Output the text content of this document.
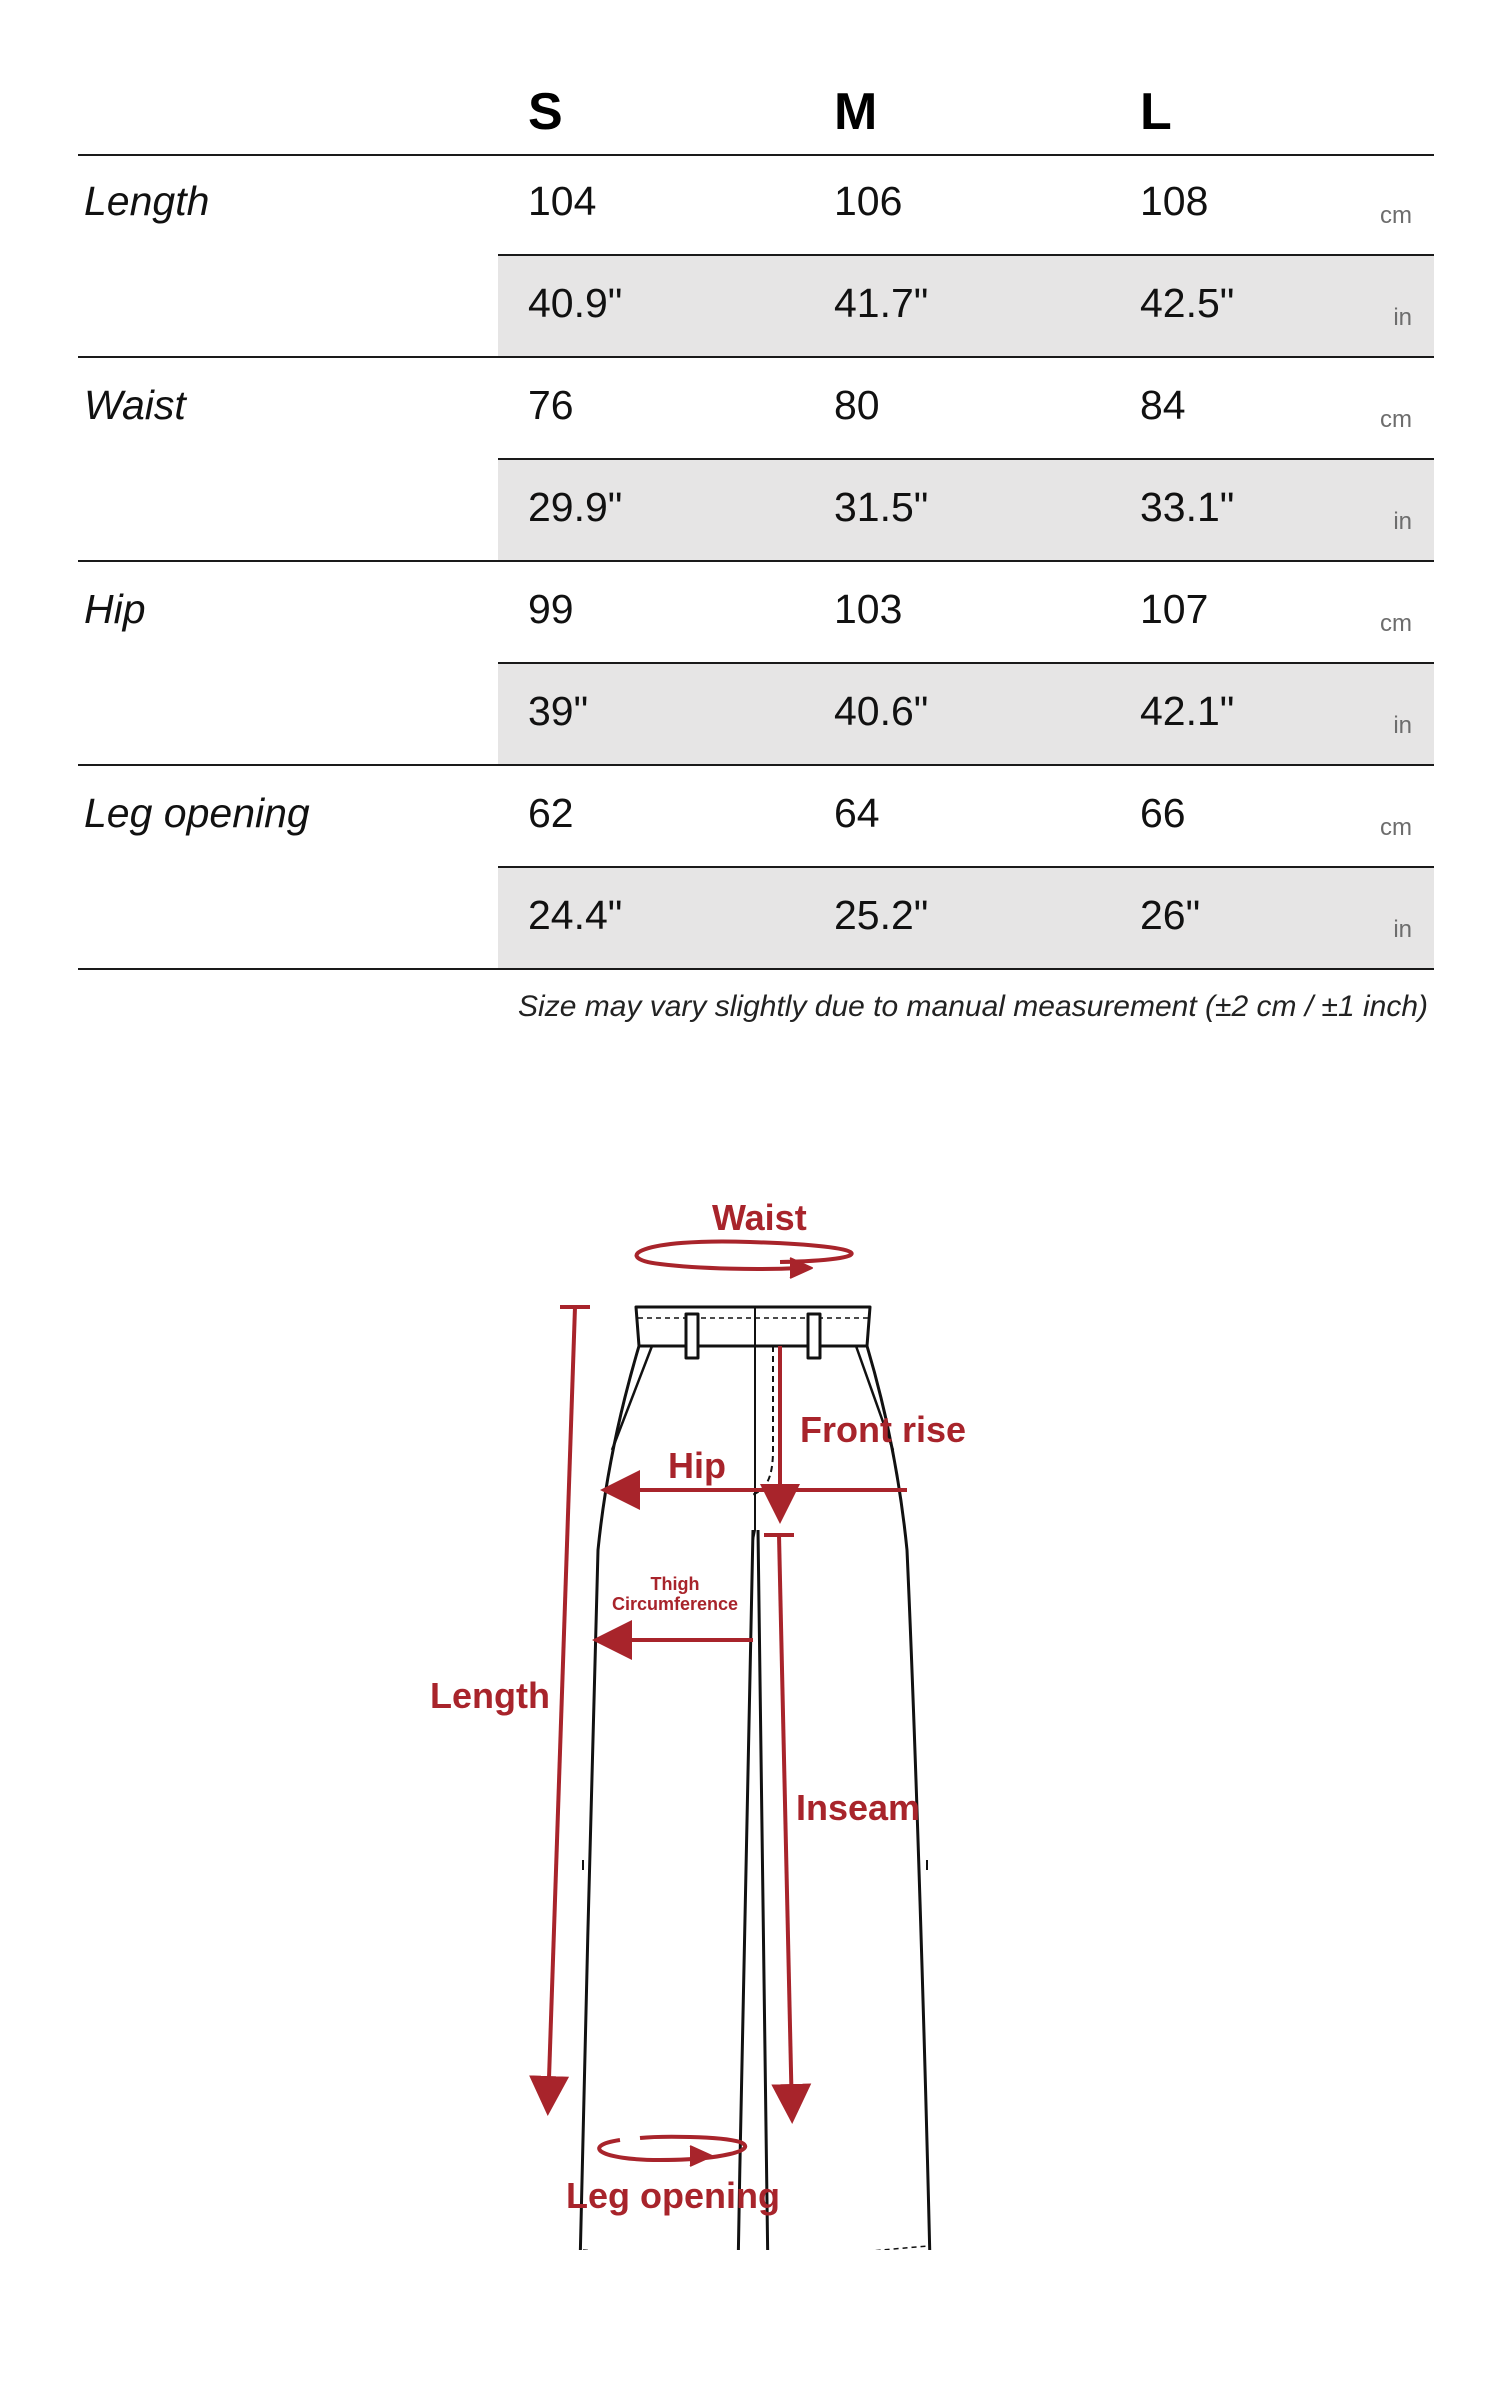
S	M	L
Length	104	106	108	cm
40.9"	41.7"	42.5"	in
Waist	76	80	84	cm
29.9"	31.5"	33.1"	in
Hip	99	103	107	cm
39"	40.6"	42.1"	in
Leg opening	62	64	66	cm
24.4"	25.2"	26"	in
Size may vary slightly due to manual measurement (±2 cm / ±1 inch)
Waist
Front rise
Hip
Thigh
Circumference
Length
Inseam
Leg opening
